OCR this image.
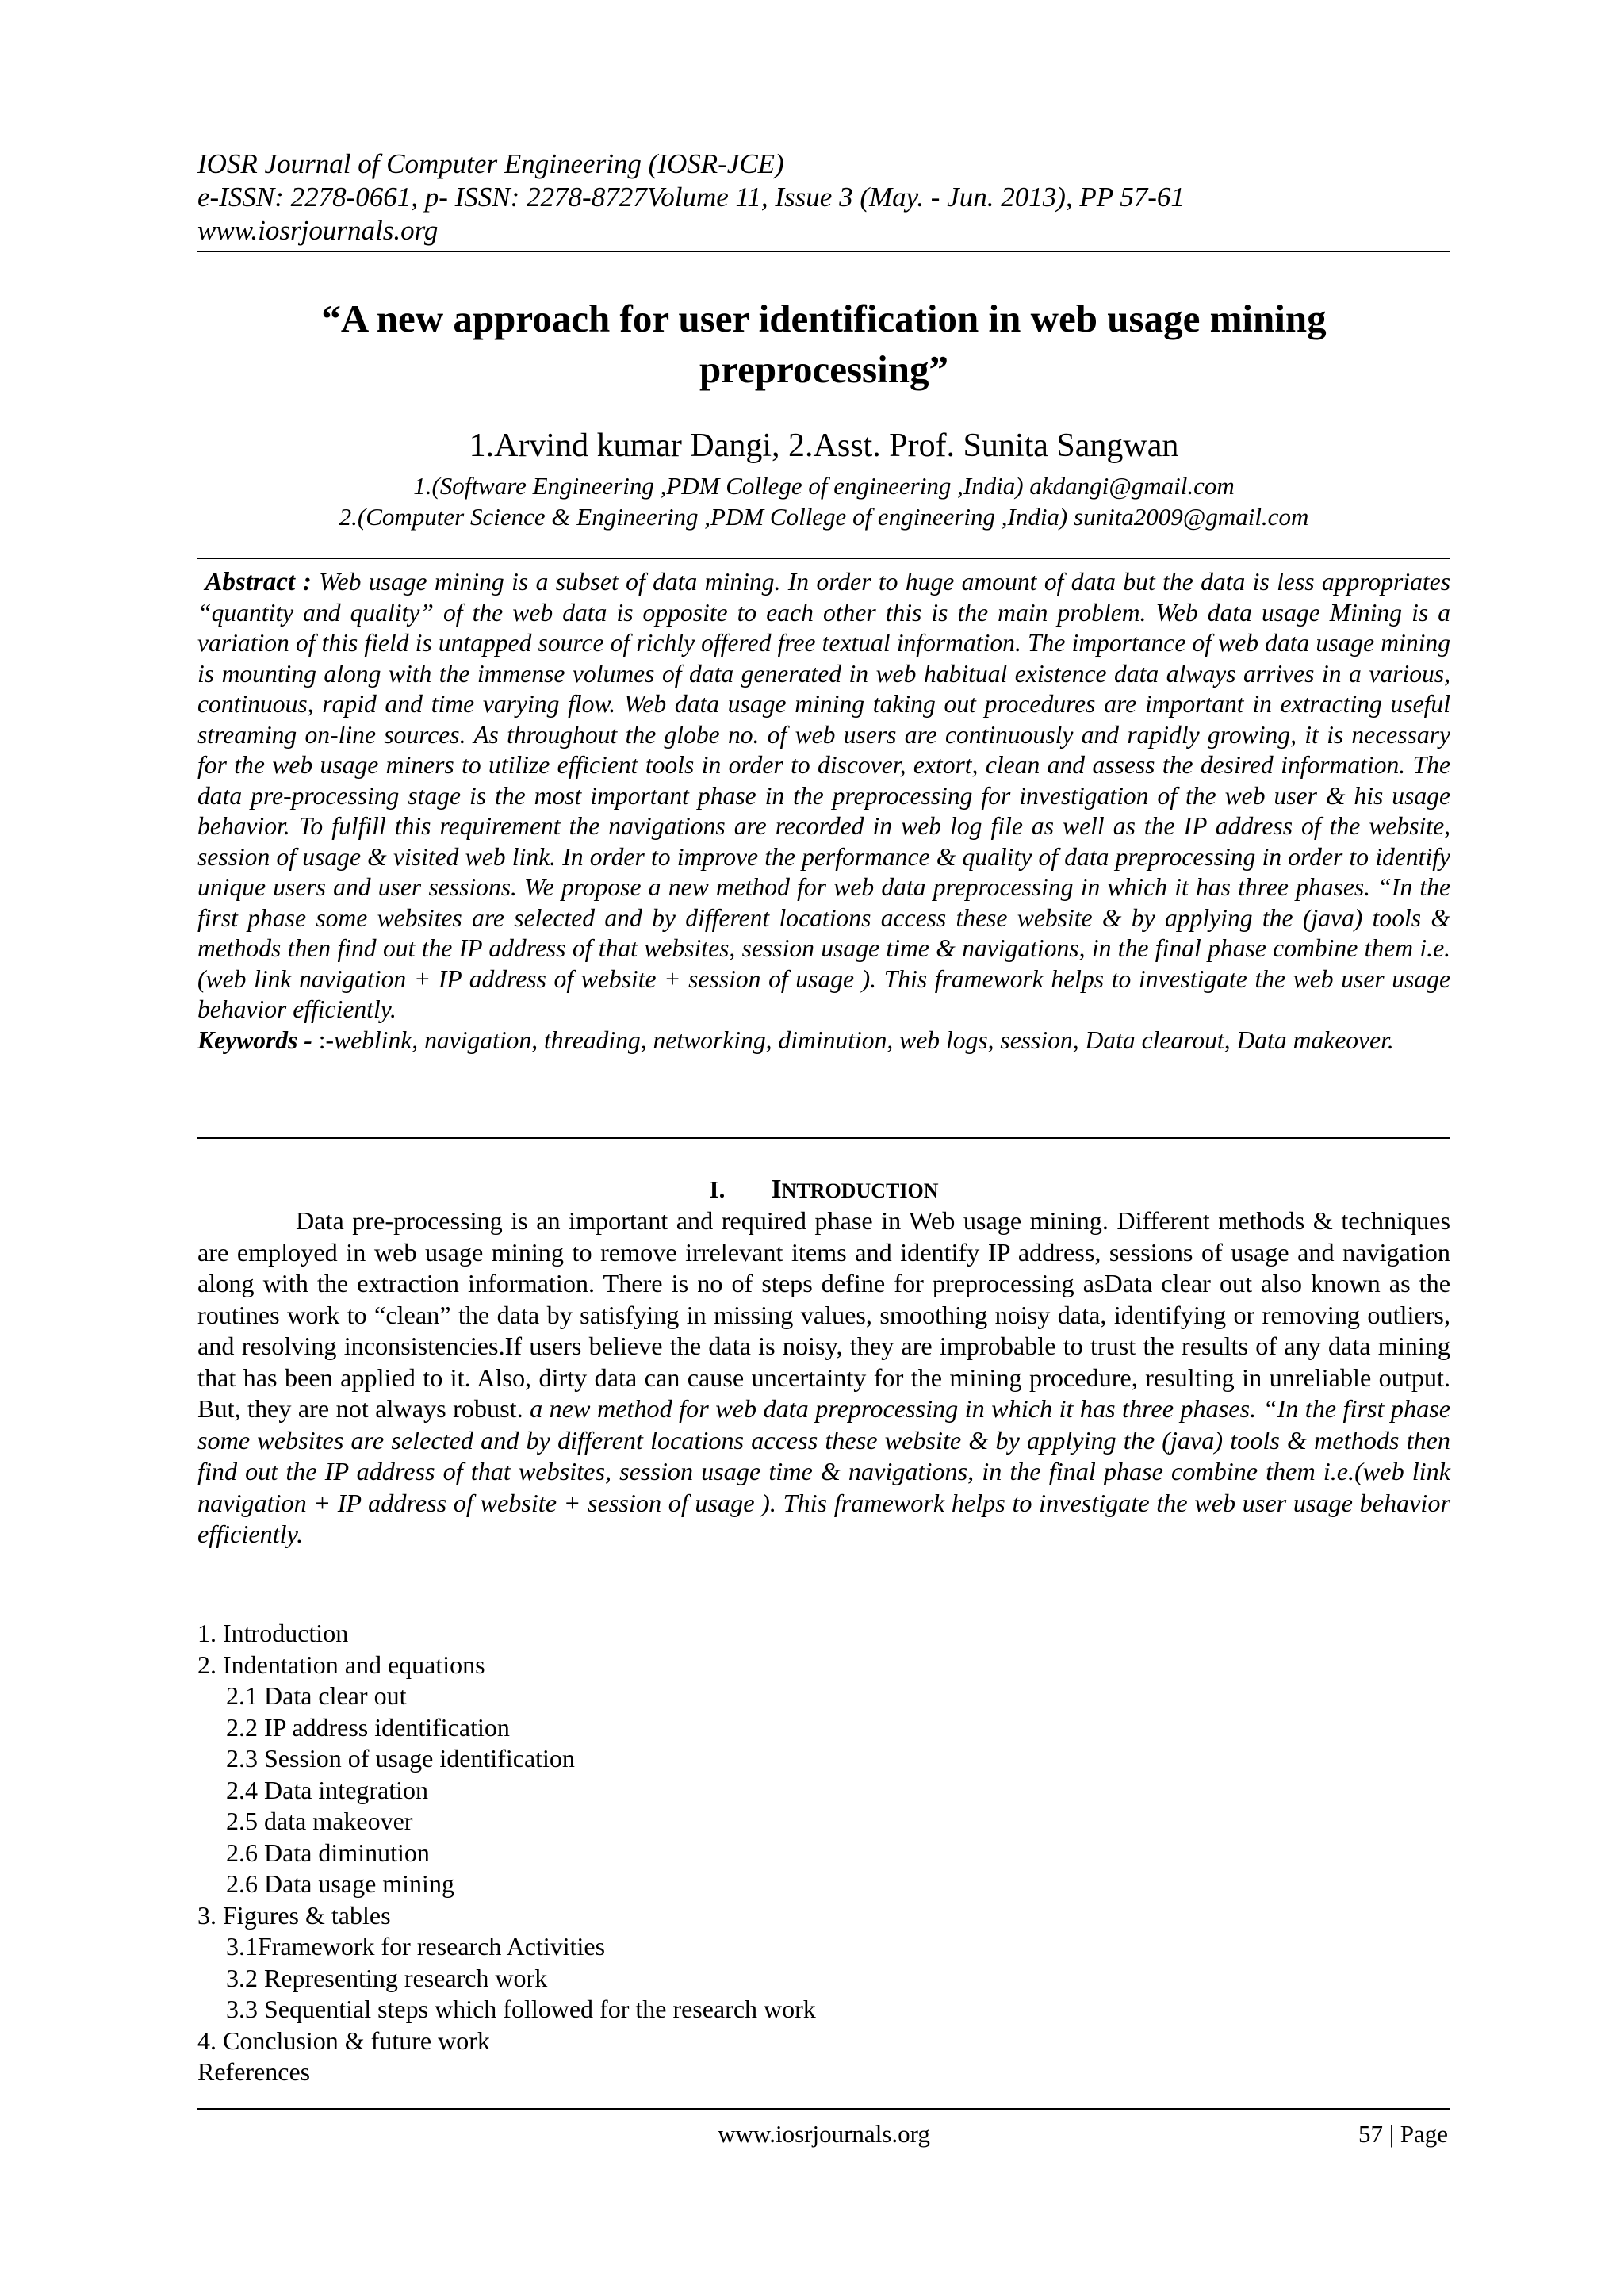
IOSR Journal of Computer Engineering (IOSR-JCE)
e-ISSN: 2278-0661, p- ISSN: 2278-8727Volume 11, Issue 3 (May. - Jun. 2013), PP 57-61
www.iosrjournals.org
“A new approach for user identification in web usage mining
preprocessing”
1.Arvind kumar Dangi, 2.Asst. Prof. Sunita Sangwan
1.(Software Engineering ,PDM College of engineering ,India) akdangi@gmail.com
2.(Computer Science & Engineering ,PDM College of engineering ,India) sunita2009@gmail.com

Abstract : Web usage mining is a subset of data mining. In order to huge amount of data but the data is less appropriates “quantity and quality” of the web data is opposite to each other this is the main problem. Web data usage Mining is a variation of this field is untapped source of richly offered free textual information. The importance of web data usage mining is mounting along with the immense volumes of data generated in web habitual existence data always arrives in a various, continuous, rapid and time varying flow. Web data usage mining taking out procedures are important in extracting useful streaming on-line sources. As throughout the globe no. of web users are continuously and rapidly growing, it is necessary for the web usage miners to utilize efficient tools in order to discover, extort, clean and assess the desired information. The data pre-processing stage is the most important phase in the preprocessing for investigation of the web user & his usage behavior. To fulfill this requirement the navigations are recorded in web log file as well as the IP address of the website, session of usage & visited web link. In order to improve the performance & quality of data preprocessing in order to identify unique users and user sessions. We propose a new method for web data preprocessing in which it has three phases. “In the first phase some websites are selected and by different locations access these website & by applying the (java) tools & methods then find out the IP address of that websites, session usage time & navigations, in the final phase combine them i.e.(web link navigation + IP address of website + session of usage ). This framework helps to investigate the web user usage behavior efficiently.

Keywords - :-weblink, navigation, threading, networking, diminution, web logs, session, Data clearout, Data makeover.

I. INTRODUCTION

Data pre-processing is an important and required phase in Web usage mining. Different methods & techniques are employed in web usage mining to remove irrelevant items and identify IP address, sessions of usage and navigation along with the extraction information. There is no of steps define for preprocessing asData clear out also known as the routines work to “clean” the data by satisfying in missing values, smoothing noisy data, identifying or removing outliers, and resolving inconsistencies.If users believe the data is noisy, they are improbable to trust the results of any data mining that has been applied to it. Also, dirty data can cause uncertainty for the mining procedure, resulting in unreliable output. But, they are not always robust. a new method for web data preprocessing in which it has three phases. “In the first phase some websites are selected and by different locations access these website & by applying the (java) tools & methods then find out the IP address of that websites, session usage time & navigations, in the final phase combine them i.e.(web link navigation + IP address of website + session of usage ). This framework helps to investigate the web user usage behavior efficiently.

1. Introduction
2. Indentation and equations
2.1 Data clear out
2.2 IP address identification
2.3 Session of usage identification
2.4 Data integration
2.5 data makeover
2.6 Data diminution
2.6 Data usage mining
3. Figures & tables
3.1Framework for research Activities
3.2 Representing research work
3.3 Sequential steps which followed for the research work
4. Conclusion & future work
References
www.iosrjournals.org	57 | Page
